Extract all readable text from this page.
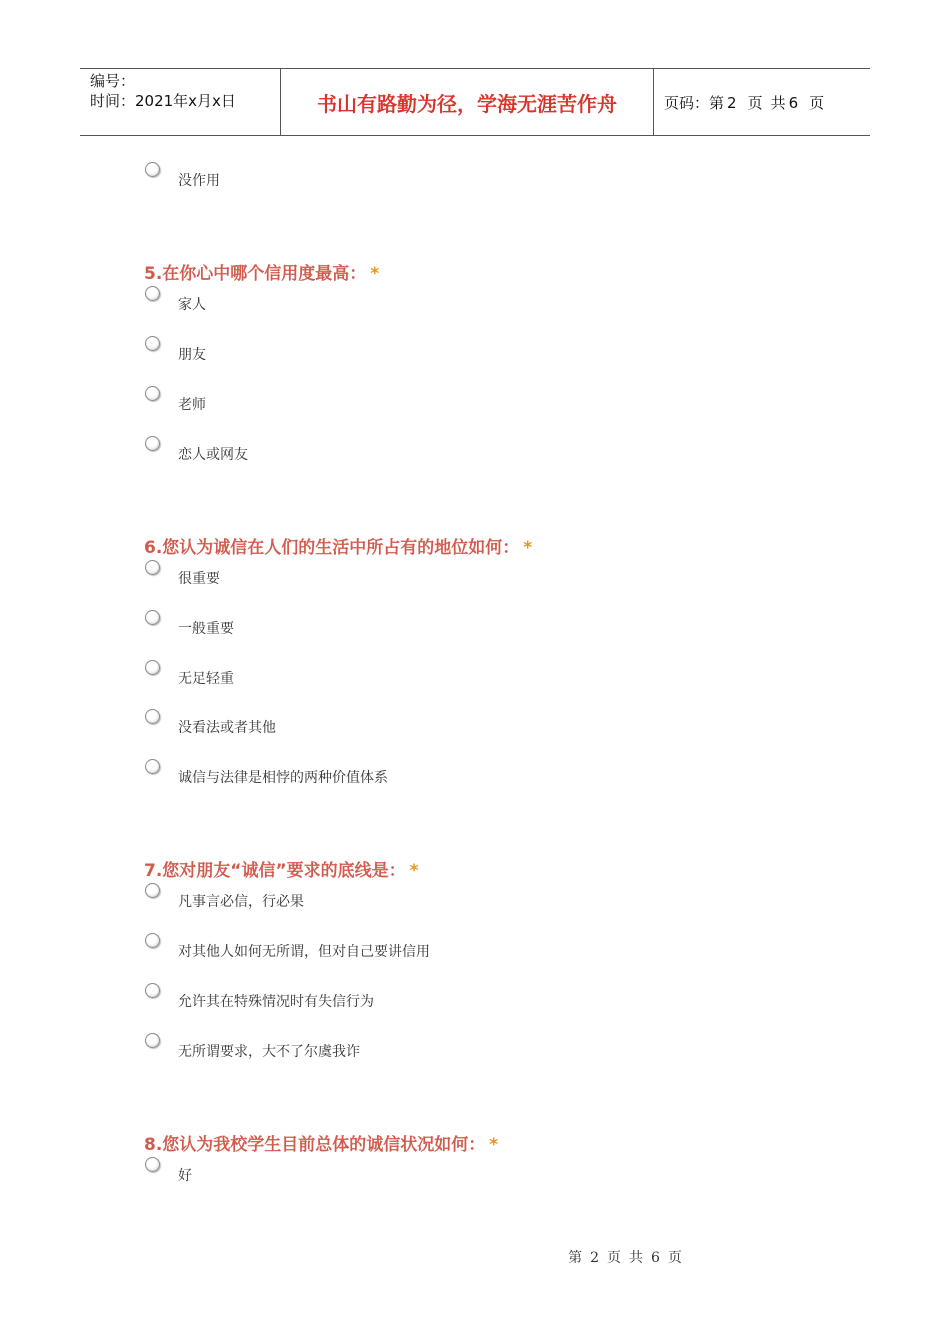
编号：
时间：2021年x月x日	书山有路勤为径，学海无涯苦作舟	页码：第 2 页 共 6 页
没作用
5.在你心中哪个信用度最高： *
家人
朋友
老师
恋人或网友
6.您认为诚信在人们的生活中所占有的地位如何： *
很重要
一般重要
无足轻重
没看法或者其他
诚信与法律是相悖的两种价值体系
7.您对朋友“诚信”要求的底线是： *
凡事言必信，行必果
对其他人如何无所谓，但对自己要讲信用
允许其在特殊情况时有失信行为
无所谓要求，大不了尔虞我诈
8.您认为我校学生目前总体的诚信状况如何： *
好
第 2 页 共 6 页
